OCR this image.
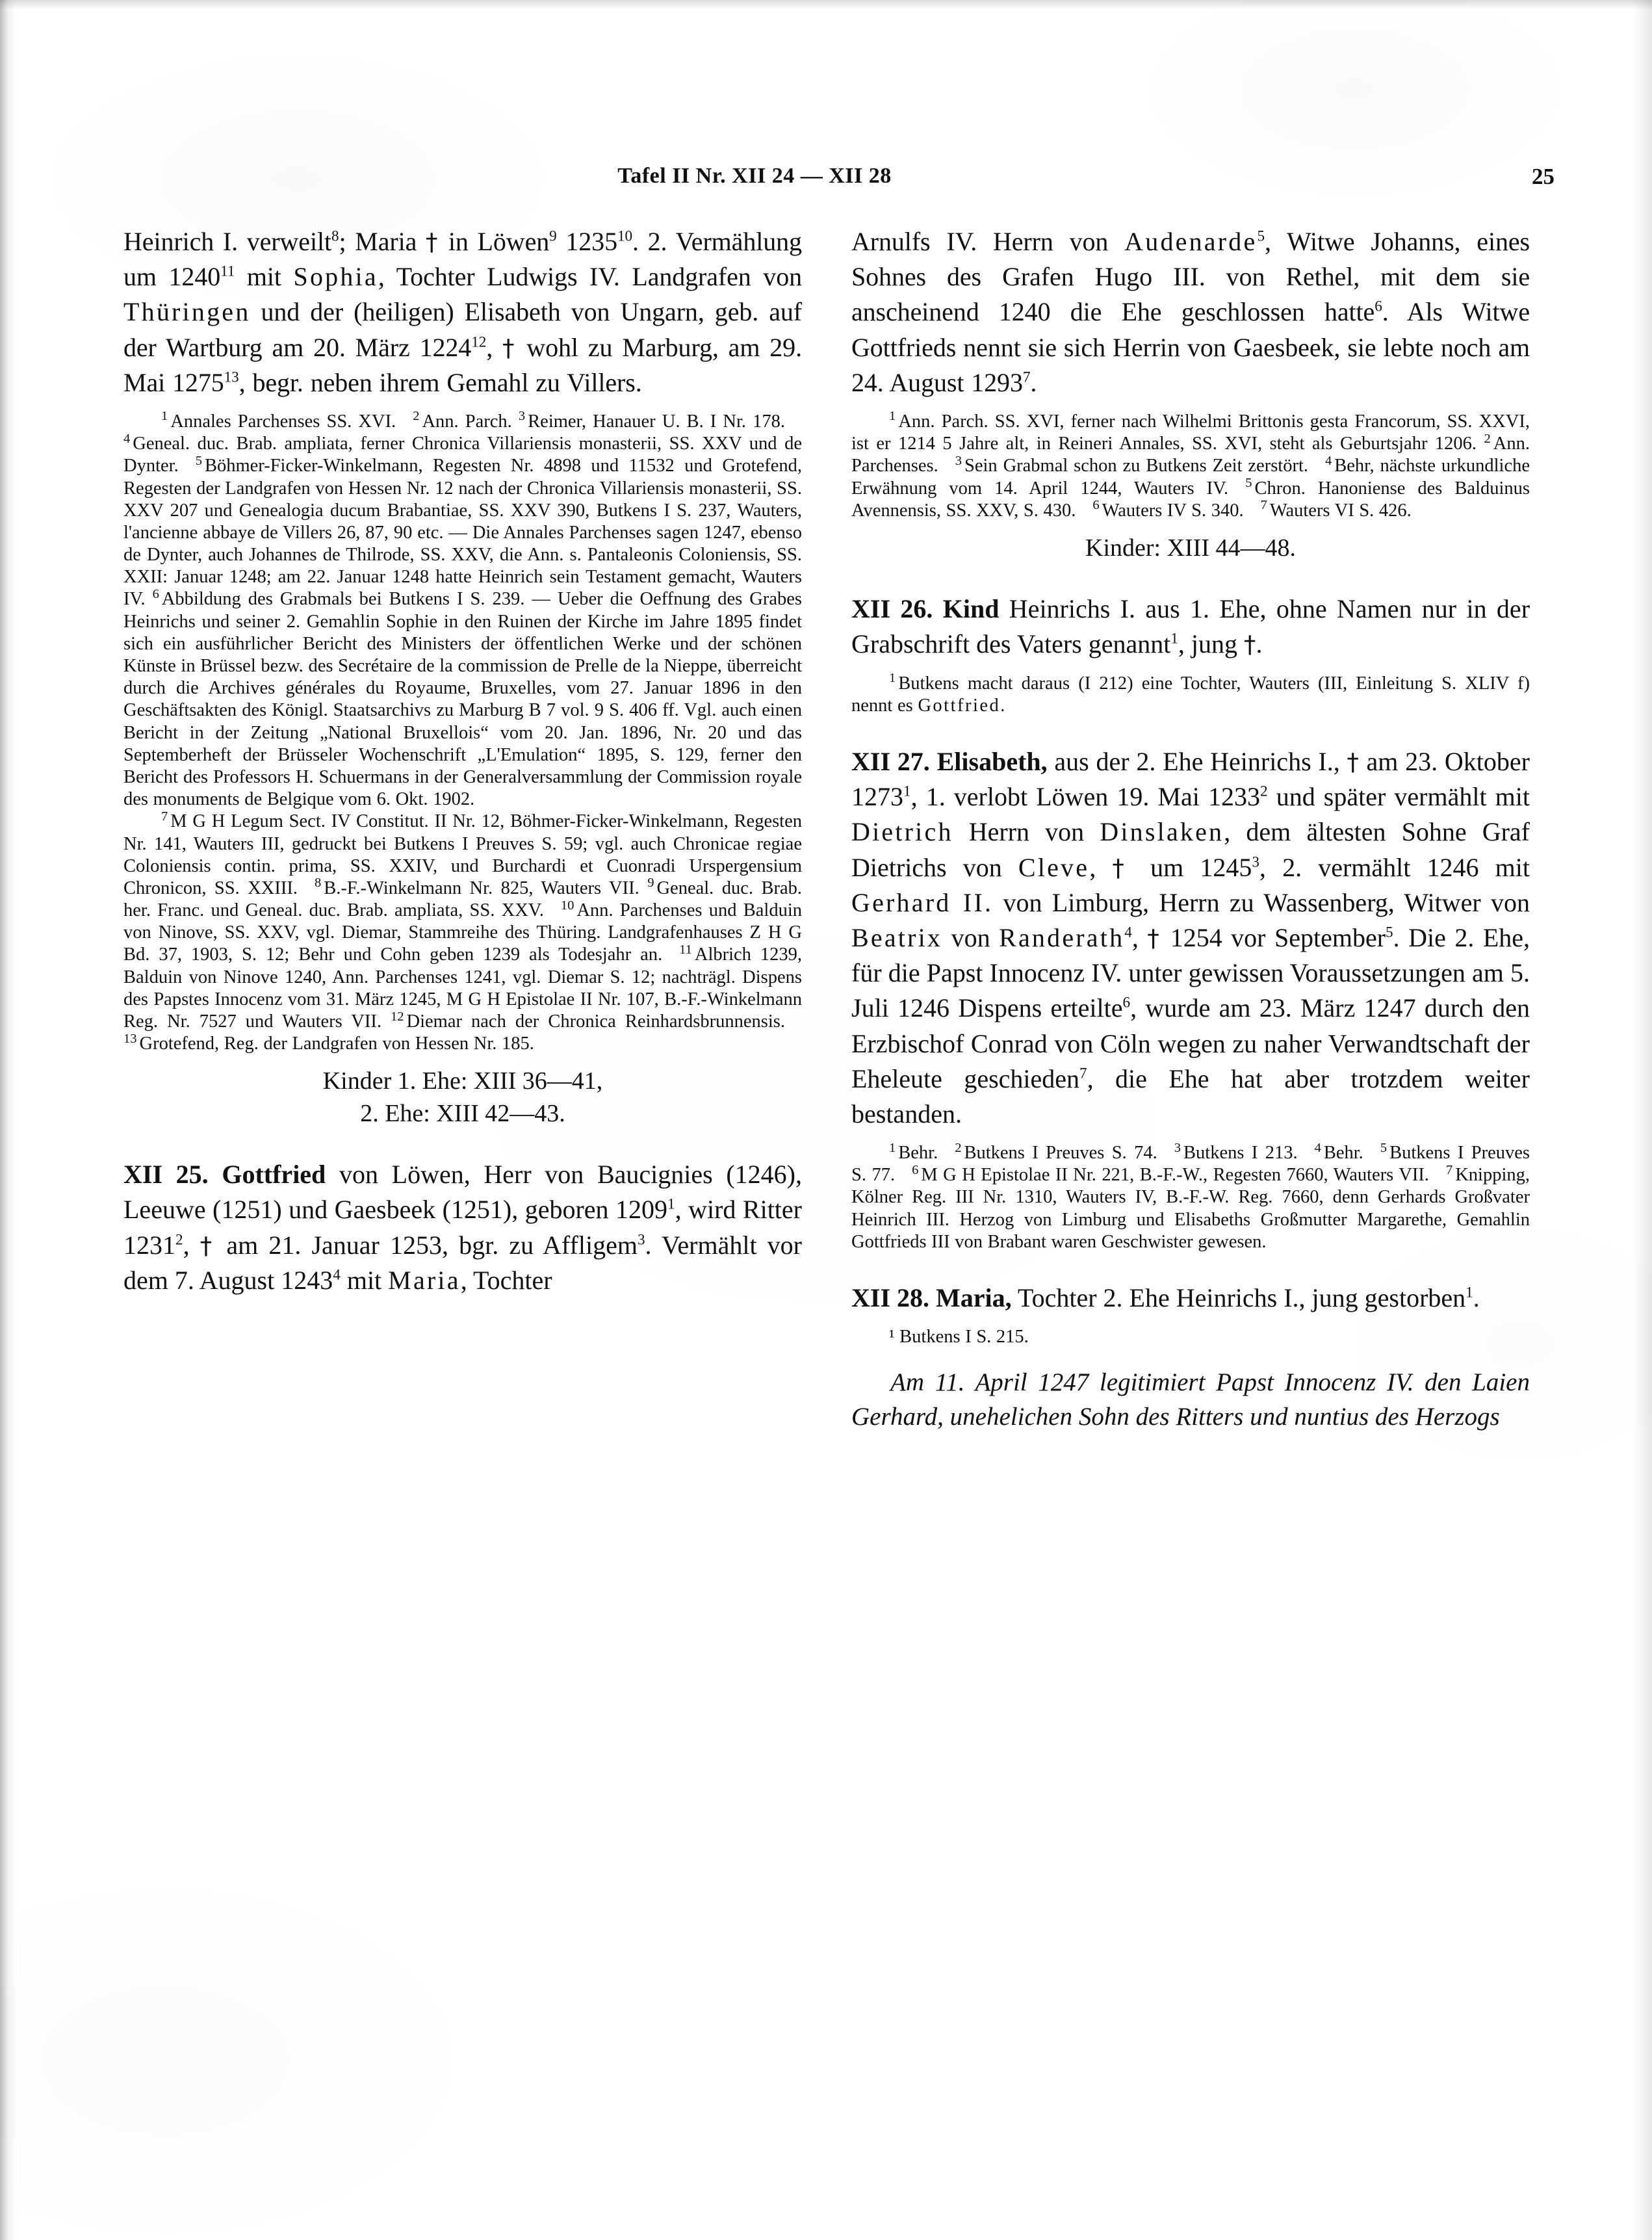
Tafel II Nr. XII 24 — XII 28	25

Heinrich I. verweilt$^8$; Maria † in Löwen$^9$ 1235$^{10}$. 2. Vermählung um 1240$^{11}$ mit Sophia, Tochter Ludwigs IV. Landgrafen von Thüringen und der (heiligen) Elisabeth von Ungarn, geb. auf der Wartburg am 20. März 1224$^{12}$, † wohl zu Marburg, am 29. Mai 1275$^{13}$, begr. neben ihrem Gemahl zu Villers.

$^1$ Annales Parchenses SS. XVI. $^2$ Ann. Parch. $^3$ Reimer, Hanauer U. B. I Nr. 178.$^4$ Geneal. duc. Brab. ampliata, ferner Chronica Villariensis monasterii, SS. XXV und de Dynter. $^5$ Böhmer-Ficker-Winkelmann, Regesten Nr. 4898 und 11532 und Grotefend, Regesten der Landgrafen von Hessen Nr. 12 nach der Chronica Villariensis monasterii, SS. XXV 207 und Genealogia ducum Brabantiae, SS. XXV 390, Butkens I S. 237, Wauters, l'ancienne abbaye de Villers 26, 87, 90 etc. — Die Annales Parchenses sagen 1247, ebenso de Dynter, auch Johannes de Thilrode, SS. XXV, die Ann. s. Pantaleonis Coloniensis, SS. XXII: Januar 1248; am 22. Januar 1248 hatte Heinrich sein Testament gemacht, Wauters IV. $^6$ Abbildung des Grabmals bei Butkens I S. 239. — Ueber die Oeffnung des Grabes Heinrichs und seiner 2. Gemahlin Sophie in den Ruinen der Kirche im Jahre 1895 findet sich ein ausführlicher Bericht des Ministers der öffentlichen Werke und der schönen Künste in Brüssel bezw. des Secrétaire de la commission de Prelle de la Nieppe, überreicht durch die Archives générales du Royaume, Bruxelles, vom 27. Januar 1896 in den Geschäftsakten des Königl. Staatsarchivs zu Marburg B 7 vol. 9 S. 406 ff. Vgl. auch einen Bericht in der Zeitung „National Bruxellois“ vom 20. Jan. 1896, Nr. 20 und das Septemberheft der Brüsseler Wochenschrift „L'Emulation“ 1895, S. 129, ferner den Bericht des Professors H. Schuermans in der Generalversammlung der Commission royale des monuments de Belgique vom 6. Okt. 1902.

$^7$ M G H Legum Sect. IV Constitut. II Nr. 12, Böhmer-Ficker-Winkelmann, Regesten Nr. 141, Wauters III, gedruckt bei Butkens I Preuves S. 59; vgl. auch Chronicae regiae Coloniensis contin. prima, SS. XXIV, und Burchardi et Cuonradi Urspergensium Chronicon, SS. XXIII. $^8$ B.-F.-Winkelmann Nr. 825, Wauters VII. $^9$ Geneal. duc. Brab. her. Franc. und Geneal. duc. Brab. ampliata, SS. XXV. $^{10}$ Ann. Parchenses und Balduin von Ninove, SS. XXV, vgl. Diemar, Stammreihe des Thüring. Landgrafenhauses Z H G Bd. 37, 1903, S. 12; Behr und Cohn geben 1239 als Todesjahr an. $^{11}$ Albrich 1239, Balduin von Ninove 1240, Ann. Parchenses 1241, vgl. Diemar S. 12; nachträgl. Dispens des Papstes Innocenz vom 31. März 1245, M G H Epistolae II Nr. 107, B.-F.-Winkelmann Reg. Nr. 7527 und Wauters VII. $^{12}$ Diemar nach der Chronica Reinhardsbrunnensis.$^{13}$ Grotefend, Reg. der Landgrafen von Hessen Nr. 185.

Kinder 1. Ehe: XIII 36—41,

2. Ehe: XIII 42—43.

XII 25. Gottfried von Löwen, Herr von Baucignies (1246), Leeuwe (1251) und Gaesbeek (1251), geboren 1209$^1$, wird Ritter 1231$^2$, † am 21. Januar 1253, bgr. zu Affligem$^3$. Vermählt vor dem 7. August 1243$^4$ mit Maria, Tochter

Arnulfs IV. Herrn von Audenarde$^5$, Witwe Johanns, eines Sohnes des Grafen Hugo III. von Rethel, mit dem sie anscheinend 1240 die Ehe geschlossen hatte$^6$. Als Witwe Gottfrieds nennt sie sich Herrin von Gaesbeek, sie lebte noch am 24. August 1293$^7$.

$^1$ Ann. Parch. SS. XVI, ferner nach Wilhelmi Brittonis gesta Francorum, SS. XXVI, ist er 1214 5 Jahre alt, in Reineri Annales, SS. XVI, steht als Geburtsjahr 1206. $^2$ Ann. Parchenses. $^3$ Sein Grabmal schon zu Butkens Zeit zerstört. $^4$ Behr, nächste urkundliche Erwähnung vom 14. April 1244, Wauters IV. $^5$ Chron. Hanoniense des Balduinus Avennensis, SS. XXV, S. 430. $^6$ Wauters IV S. 340. $^7$ Wauters VI S. 426.

Kinder: XIII 44—48.

XII 26. Kind Heinrichs I. aus 1. Ehe, ohne Namen nur in der Grabschrift des Vaters genannt$^1$, jung †.

$^1$ Butkens macht daraus (I 212) eine Tochter, Wauters (III, Einleitung S. XLIV f) nennt es Gottfried.

XII 27. Elisabeth, aus der 2. Ehe Heinrichs I., † am 23. Oktober 1273$^1$, 1. verlobt Löwen 19. Mai 1233$^2$ und später vermählt mit Dietrich Herrn von Dinslaken, dem ältesten Sohne Graf Dietrichs von Cleve, † um 1245$^3$, 2. vermählt 1246 mit Gerhard II. von Limburg, Herrn zu Wassenberg, Witwer von Beatrix von Randerath$^4$, † 1254 vor September$^5$. Die 2. Ehe, für die Papst Innocenz IV. unter gewissen Voraussetzungen am 5. Juli 1246 Dispens erteilte$^6$, wurde am 23. März 1247 durch den Erzbischof Conrad von Cöln wegen zu naher Verwandtschaft der Eheleute geschieden$^7$, die Ehe hat aber trotzdem weiter bestanden.

$^1$ Behr. $^2$ Butkens I Preuves S. 74. $^3$ Butkens I 213. $^4$ Behr. $^5$ Butkens I Preuves S. 77. $^6$ M G H Epistolae II Nr. 221, B.-F.-W., Regesten 7660, Wauters VII. $^7$ Knipping, Kölner Reg. III Nr. 1310, Wauters IV, B.-F.-W. Reg. 7660, denn Gerhards Großvater Heinrich III. Herzog von Limburg und Elisabeths Großmutter Margarethe, Gemahlin Gottfrieds III von Brabant waren Geschwister gewesen.

XII 28. Maria, Tochter 2. Ehe Heinrichs I., jung gestorben$^1$.

¹ Butkens I S. 215.

Am 11. April 1247 legitimiert Papst Innocenz IV. den Laien Gerhard, unehelichen Sohn des Ritters und nuntius des Herzogs
